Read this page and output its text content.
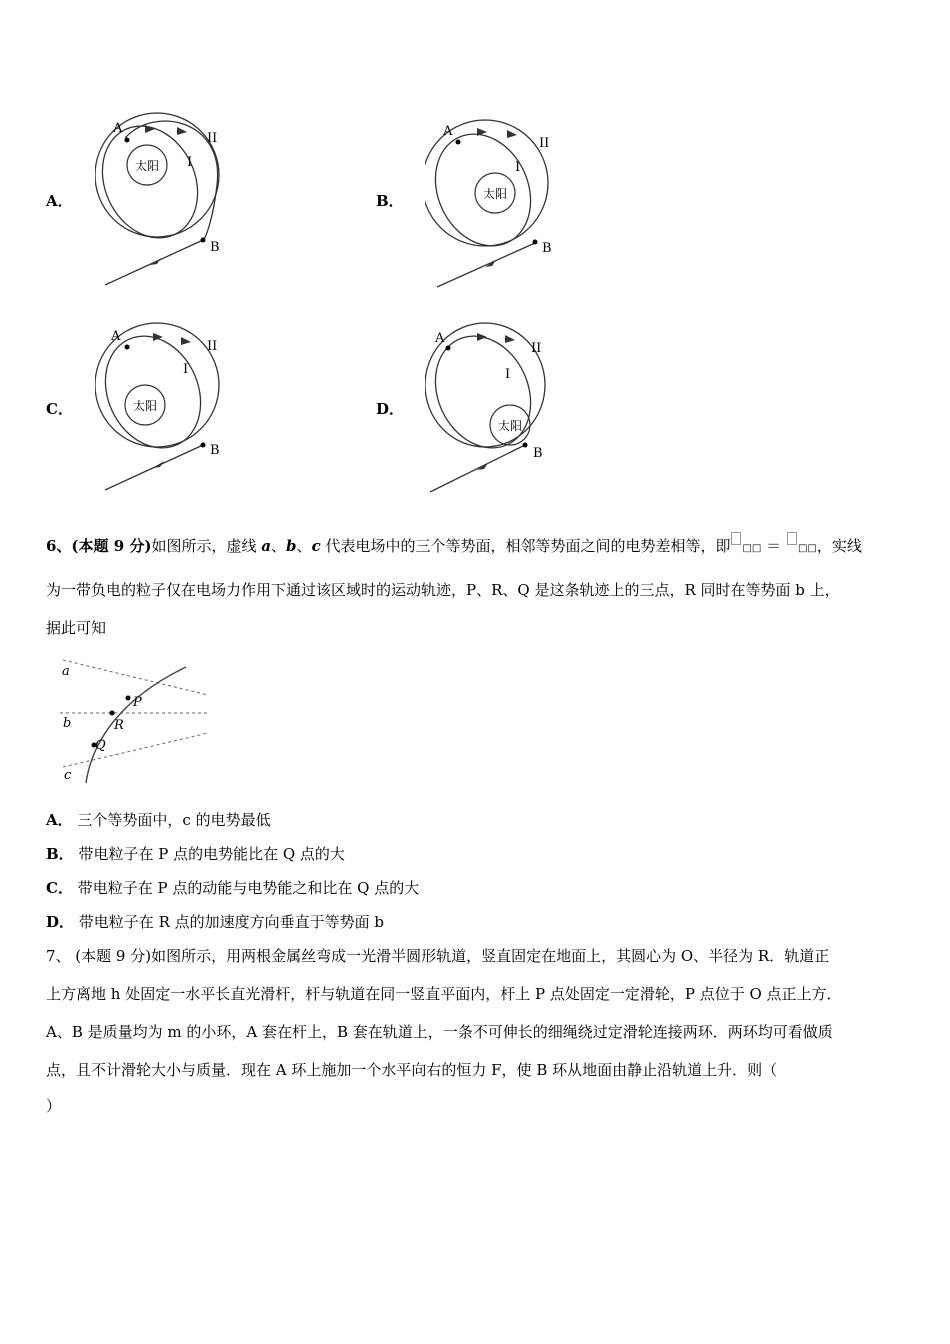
A．
太阳
A
B
I
II
B．	太阳
A
B
I
II
C．	太阳
A
B
I
II
D．
太阳
A
B
I
II
6、(本题 9 分)如图所示，虚线 a、b、c 代表电场中的三个等势面，相邻等势面之间的电势差相等，即 □□ ＝ □□，实线
为一带负电的粒子仅在电场力作用下通过该区域时的运动轨迹，P、R、Q 是这条轨迹上的三点，R 同时在等势面 b 上，
据此可知
a
b
c
P
R
Q
A． 三个等势面中，c 的电势最低
B． 带电粒子在 P 点的电势能比在 Q 点的大
C． 带电粒子在 P 点的动能与电势能之和比在 Q 点的大
D． 带电粒子在 R 点的加速度方向垂直于等势面 b
7、 (本题 9 分)如图所示，用两根金属丝弯成一光滑半圆形轨道，竖直固定在地面上，其圆心为 O、半径为 R．轨道正
上方离地 h 处固定一水平长直光滑杆，杆与轨道在同一竖直平面内，杆上 P 点处固定一定滑轮，P 点位于 O 点正上方．
A、B 是质量均为 m 的小环，A 套在杆上，B 套在轨道上，一条不可伸长的细绳绕过定滑轮连接两环．两环均可看做质
点，且不计滑轮大小与质量．现在 A 环上施加一个水平向右的恒力 F，使 B 环从地面由静止沿轨道上升．则（
）
